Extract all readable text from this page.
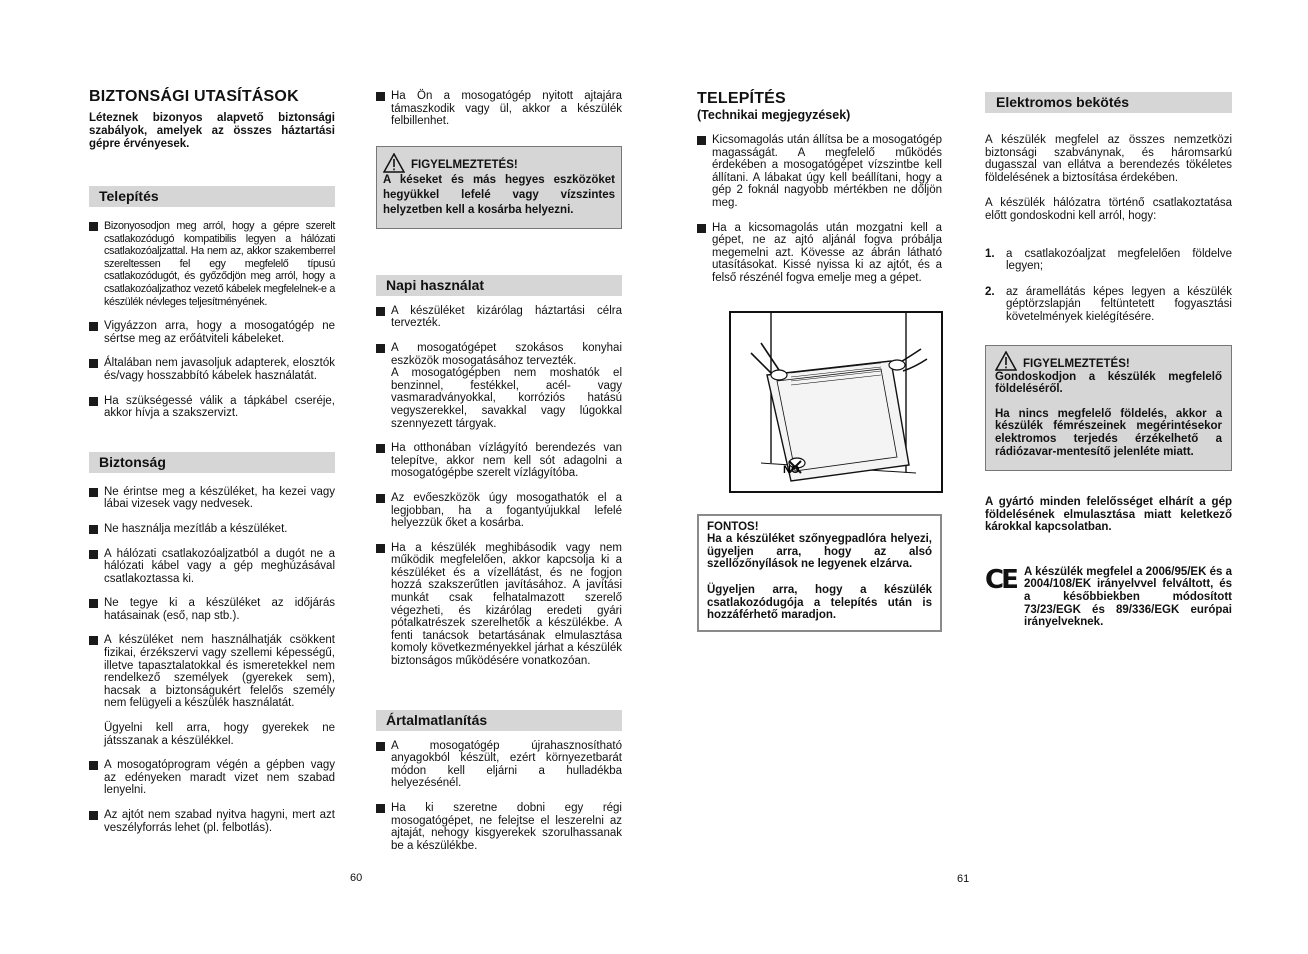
BIZTONSÁGI UTASÍTÁSOK

Léteznek bizonyos alapvető biztonsági szabályok, amelyek az összes háztartási gépre érvényesek.

Telepítés
Bizonyosodjon meg arról, hogy a gépre szerelt csatlakozódugó kompatibilis legyen a hálózati csatlakozóaljzattal. Ha nem az, akkor szakemberrel szereltessen fel egy megfelelő típusú csatlakozódugót, és győződjön meg arról, hogy a csatlakozóaljzathoz vezető kábelek megfelelnek-e a készülék névleges teljesítményének.
Vigyázzon arra, hogy a mosogatógép ne sértse meg az erőátviteli kábeleket.
Általában nem javasoljuk adapterek, elosztók és/vagy hosszabbító kábelek használatát.
Ha szükségessé válik a tápkábel cseréje, akkor hívja a szakszervizt.
Biztonság
Ne érintse meg a készüléket, ha kezei vagy lábai vizesek vagy nedvesek.
Ne használja mezítláb a készüléket.
A hálózati csatlakozóaljzatból a dugót ne a hálózati kábel vagy a gép meghúzásával csatlakoztassa ki.
Ne tegye ki a készüléket az időjárás hatásainak (eső, nap stb.).
A készüléket nem használhatják csökkent fizikai, érzékszervi vagy szellemi képességű, illetve tapasztalatokkal és ismeretekkel nem rendelkező személyek (gyerekek sem), hacsak a biztonságukért felelős személy nem felügyeli a készülék használatát.
Ügyelni kell arra, hogy gyerekek ne játsszanak a készülékkel.
A mosogatóprogram végén a gépben vagy az edényeken maradt vizet nem szabad lenyelni.
Az ajtót nem szabad nyitva hagyni, mert azt veszélyforrás lehet (pl. felbotlás).
Ha Ön a mosogatógép nyitott ajtajára támaszkodik vagy ül, akkor a készülék felbillenhet.
FIGYELMEZTETÉS!
A késeket és más hegyes eszközöket hegyükkel lefelé vagy vízszintes helyzetben kell a kosárba helyezni.
Napi használat
A készüléket kizárólag háztartási célra tervezték.
A mosogatógépet szokásos konyhai eszközök mosogatásához tervezték.
A mosogatógépben nem moshatók el benzinnel, festékkel, acél- vagy vasmaradványokkal, korróziós hatású vegyszerekkel, savakkal vagy lúgokkal szennyezett tárgyak.
Ha otthonában vízlágyító berendezés van telepítve, akkor nem kell sót adagolni a mosogatógépbe szerelt vízlágyítóba.
Az evőeszközök úgy mosogathatók el a legjobban, ha a fogantyújukkal lefelé helyezzük őket a kosárba.
Ha a készülék meghibásodik vagy nem működik megfelelően, akkor kapcsolja ki a készüléket és a vízellátást, és ne fogjon hozzá szakszerűtlen javításához. A javítási munkát csak felhatalmazott szerelő végezheti, és kizárólag eredeti gyári pótalkatrészek szerelhetők a készülékbe. A fenti tanácsok betartásának elmulasztása komoly következményekkel járhat a készülék biztonságos működésére vonatkozóan.
Ártalmatlanítás
A mosogatógép újrahasznosítható anyagokból készült, ezért környezetbarát módon kell eljárni a hulladékba helyezésénél.
Ha ki szeretne dobni egy régi mosogatógépet, ne felejtse el leszerelni az ajtaját, nehogy kisgyerekek szorulhassanak be a készülékbe.
60
TELEPÍTÉS

(Technikai megjegyzések)

Kicsomagolás után állítsa be a mosogatógép magasságát. A megfelelő működés érdekében a mosogatógépet vízszintbe kell állítani. A lábakat úgy kell beállítani, hogy a gép 2 foknál nagyobb mértékben ne dőljön meg.
Ha a kicsomagolás után mozgatni kell a gépet, ne az ajtó aljánál fogva próbálja megemelni azt. Kövesse az ábrán látható utasításokat. Kissé nyissa ki az ajtót, és a felső részénél fogva emelje meg a gépet.
NO

FONTOS!

Ha a készüléket szőnyegpadlóra helyezi, ügyeljen arra, hogy az alsó szellőzőnyílások ne legyenek elzárva.

Ügyeljen arra, hogy a készülék csatlakozódugója a telepítés után is hozzáférhető maradjon.

Elektromos bekötés

A készülék megfelel az összes nemzetközi biztonsági szabványnak, és háromsarkú dugasszal van ellátva a berendezés tökéletes földelésének a biztosítása érdekében.

A készülék hálózatra történő csatlakoztatása előtt gondoskodni kell arról, hogy:

1. a csatlakozóaljzat megfelelően földelve legyen;
2. az áramellátás képes legyen a készülék géptörzslapján feltüntetett fogyasztási követelmények kielégítésére.
FIGYELMEZTETÉS!
Gondoskodjon a készülék megfelelő földeléséről.
Ha nincs megfelelő földelés, akkor a készülék fémrészeinek megérintésekor elektromos terjedés érzékelhető a rádiózavar-mentesítő jelenléte miatt.

A gyártó minden felelősséget elhárít a gép földelésének elmulasztása miatt keletkező károkkal kapcsolatban.

CE A készülék megfelel a 2006/95/EK és a 2004/108/EK irányelvvel felváltott, és a későbbiekben módosított 73/23/EGK és 89/336/EGK európai irányelveknek.

61
